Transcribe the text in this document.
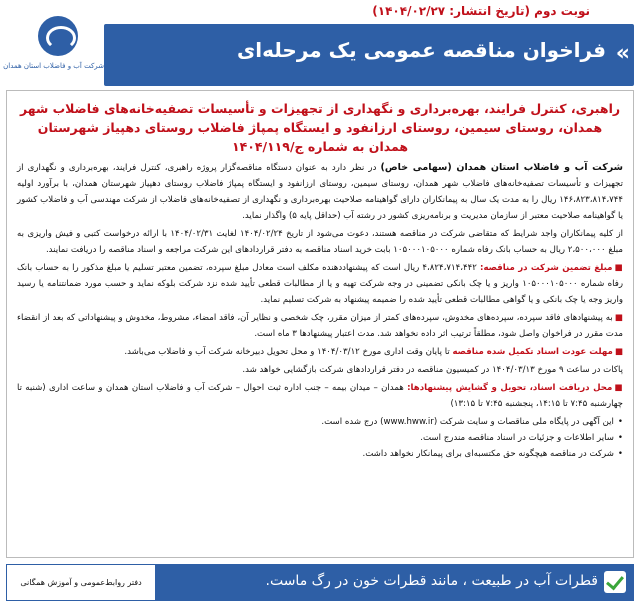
نوبت دوم (تاریخ انتشار: ۱۴۰۴/۰۲/۲۷)
«
فراخوان مناقصه عمومی یک مرحله‌ای
شرکت آب و فاضلاب استان همدان
راهبری، کنترل فرایند، بهره‌برداری و نگهداری از تجهیزات و تأسیسات تصفیه‌خانه‌های فاضلاب شهر همدان، روستای سیمین، روستای ارزانفود و ایستگاه پمپاژ فاضلاب روستای دهپیاز شهرستان همدان به شماره ج/۱۴۰۴/۱۱۹

شرکت آب و فاضلاب استان همدان (سهامی خاص) در نظر دارد به عنوان دستگاه مناقصه‌گزار پروژه راهبری، کنترل فرایند، بهره‌برداری و نگهداری از تجهیزات و تأسیسات تصفیه‌خانه‌های فاضلاب شهر همدان، روستای سیمین، روستای ارزانفود و ایستگاه پمپاژ فاضلاب روستای دهپیاز شهرستان همدان، با برآورد اولیه ۱۴۶،۸۲۳،۸۱۴،۷۴۴ ریال را به مدت یک سال به پیمانکاران دارای گواهینامه صلاحیت بهره‌برداری و نگهداری از تصفیه‌خانه‌های فاضلاب از شرکت مهندسی آب و فاضلاب کشور یا گواهینامه صلاحیت معتبر از سازمان مدیریت و برنامه‌ریزی کشور در رشته آب (حداقل پایه ۵) واگذار نماید.

از کلیه پیمانکاران واجد شرایط که متقاضی شرکت در مناقصه هستند، دعوت می‌شود از تاریخ ۱۴۰۴/۰۲/۲۴ لغایت ۱۴۰۴/۰۲/۳۱ با ارائه درخواست کتبی و فیش واریزی به مبلغ ۲،۵۰۰،۰۰۰ ریال به حساب بانک رفاه شماره ۱۰۵۰۰۰۱۰۵۰۰۰ بابت خرید اسناد مناقصه به دفتر قراردادهای این شرکت مراجعه و اسناد مناقصه را دریافت نمایند.

■مبلغ تضمین شرکت در مناقصه: ۴،۸۲۴،۷۱۴،۴۴۲ ریال است که پیشنهاددهنده مکلف است معادل مبلغ سپرده، تضمین معتبر تسلیم یا مبلغ مذکور را به حساب بانک رفاه شماره ۱۰۵۰۰۰۱۰۵۰۰۰ واریز و یا چک بانکی تضمینی در وجه شرکت تهیه و یا از مطالبات قطعی تأیید شده نزد شرکت بلوکه نماید و حسب مورد ضمانتنامه یا رسید واریز وجه یا چک بانکی و یا گواهی مطالبات قطعی تأیید شده را ضمیمه پیشنهاد به شرکت تسلیم نماید.

■به پیشنهادهای فاقد سپرده، سپرده‌های مخدوش، سپرده‌های کمتر از میزان مقرر، چک شخصی و نظایر آن، فاقد امضاء، مشروط، مخدوش و پیشنهاداتی که بعد از انقضاء مدت مقرر در فراخوان واصل شود، مطلقاً ترتیب اثر داده نخواهد شد. مدت اعتبار پیشنهادها ۳ ماه است.

■مهلت عودت اسناد تکمیل شده مناقصه تا پایان وقت اداری مورخ ۱۴۰۴/۰۳/۱۲ و محل تحویل دبیرخانه شرکت آب و فاضلاب می‌باشد.

پاکات در ساعت ۹ مورخ ۱۴۰۴/۰۳/۱۳ در کمیسیون مناقصه در دفتر قراردادهای شرکت بازگشایی خواهد شد.

■محل دریافت اسناد، تحویل و گشایش پیشنهادها: همدان – میدان بیمه – جنب اداره ثبت احوال – شرکت آب و فاضلاب استان همدان و ساعت اداری (شنبه تا چهارشنبه ۷:۴۵ تا ۱۴:۱۵، پنجشنبه ۷:۴۵ تا ۱۳:۱۵)

• این آگهی در پایگاه ملی مناقصات و سایت شرکت (www.hww.ir) درج شده است.
• سایر اطلاعات و جزئیات در اسناد مناقصه مندرج است.
• شرکت در مناقصه هیچگونه حق مکتسبه‌ای برای پیمانکار نخواهد داشت.
قطرات آب در طبیعت ، مانند قطرات خون در رگ ماست.
دفتر روابط‌عمومی و آموزش همگانی
